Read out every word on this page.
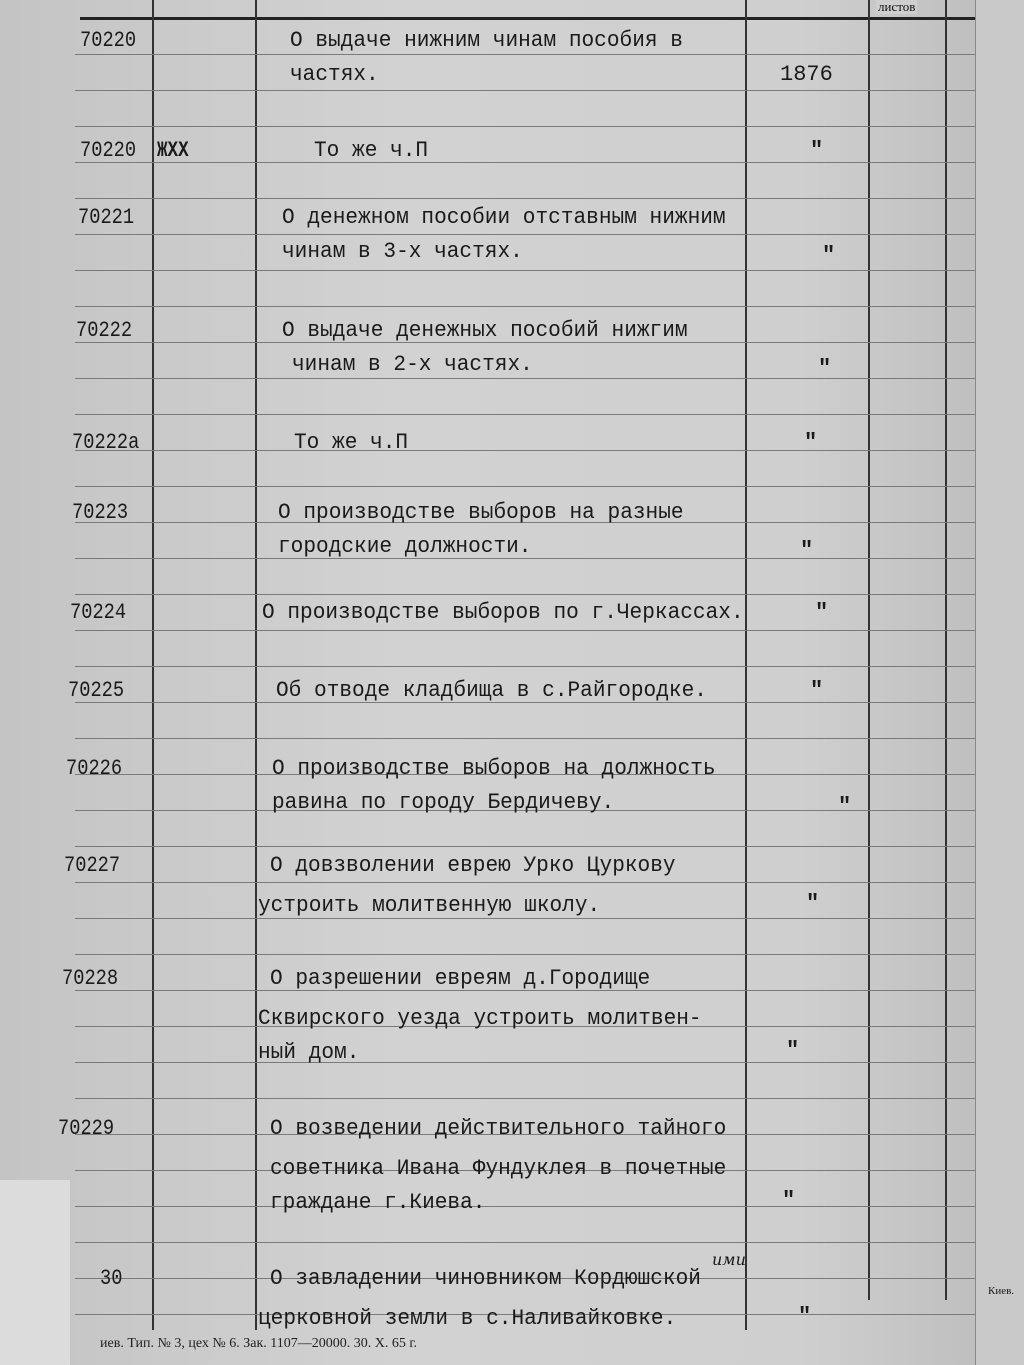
70220	О выдаче нижним чинам пособия в
частях.	1876
70220 ЖХХ	То же ч.П	"
70221	О денежном пособии отставным нижним
чинам в 3-х частях.	"
70222	О выдаче денежных пособий нижгим
чинам в 2-х частях.	"
70222а	То же ч.П	"
70223	О производстве выборов на разные
городские должности.	"
70224	О производстве выборов по г.Черкассах.	"
70225	Об отводе кладбища в с.Райгородке.	"
70226	О производстве выборов на должность
равина по городу Бердичеву.	"
70227	О довзволении еврею Урко Цуркову
устроить молитвенную школу.	"
70228	О разрешении евреям д.Городище
Сквирского уезда устроить молитвен-
ный дом.	"
70229	О возведении действительного тайного
советника Ивана Фундуклея в почетные
граждане г.Киева.	"
30	О завладении чиновником Кордюшской
церковной земли в с.Наливайковке.	"
листов
ими
иев. Тип. № 3, цех № 6. Зак. 1107—20000. 30. X. 65 г.
Киев.
